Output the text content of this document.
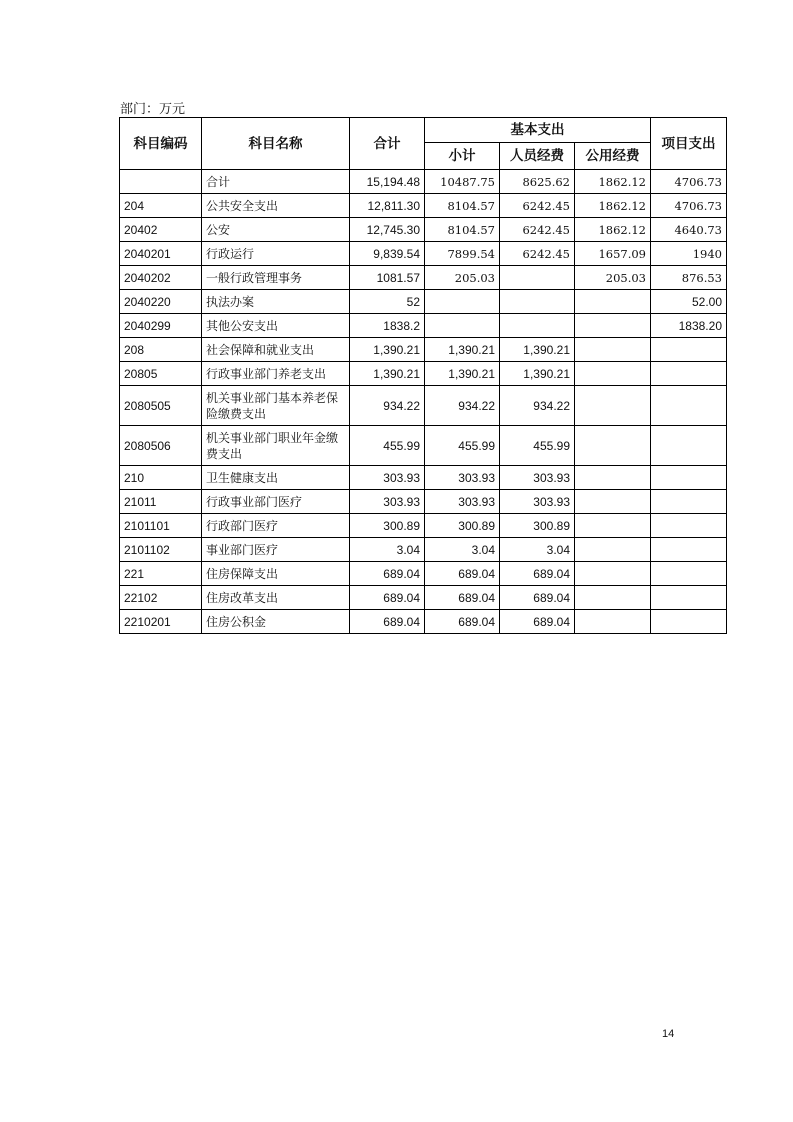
部门：万元
科目编码	科目名称	合计	基本支出			项目支出
			小计	人员经费	公用经费	
	合计	15,194.48	10487.75	8625.62	1862.12	4706.73
204	公共安全支出	12,811.30	8104.57	6242.45	1862.12	4706.73
20402	公安	12,745.30	8104.57	6242.45	1862.12	4640.73
2040201	行政运行	9,839.54	7899.54	6242.45	1657.09	1940
2040202	一般行政管理事务	1081.57	205.03		205.03	876.53
2040220	执法办案	52				52.00
2040299	其他公安支出	1838.2				1838.20
208	社会保障和就业支出	1,390.21	1,390.21	1,390.21		
20805	行政事业部门养老支出	1,390.21	1,390.21	1,390.21		
2080505	机关事业部门基本养老保险缴费支出	934.22	934.22	934.22		
2080506	机关事业部门职业年金缴费支出	455.99	455.99	455.99		
210	卫生健康支出	303.93	303.93	303.93		
21011	行政事业部门医疗	303.93	303.93	303.93		
2101101	行政部门医疗	300.89	300.89	300.89		
2101102	事业部门医疗	3.04	3.04	3.04		
221	住房保障支出	689.04	689.04	689.04		
22102	住房改革支出	689.04	689.04	689.04		
2210201	住房公积金	689.04	689.04	689.04		
14
